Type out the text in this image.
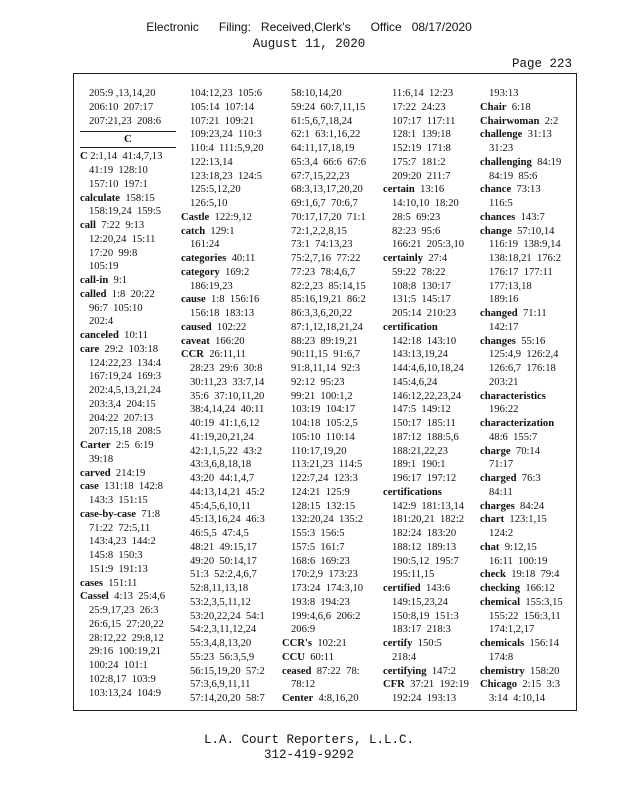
Electronic      Filing:   Received,Clerk's      Office   08/17/2020
August 11, 2020
Page 223
205:9 ,13,14,20
206:10  207:17
207:21,23  208:6
C
C 2:1,14  41:4,7,13
41:19  128:10
157:10  197:1
calculate  158:15
158:19,24  159:5
call  7:22  9:13
12:20,24  15:11
17:20  99:8
105:19
call-in  9:1
called  1:8  20:22
96:7  105:10
202:4
canceled  10:11
care  29:2  103:18
124:22,23  134:4
167:19,24  169:3
202:4,5,13,21,24
203:3,4  204:15
204:22  207:13
207:15,18  208:5
Carter  2:5  6:19
39:18
carved  214:19
case  131:18  142:8
143:3  151:15
case-by-case  71:8
71:22  72:5,11
143:4,23  144:2
145:8  150:3
151:9  191:13
cases  151:11
Cassel  4:13  25:4,6
25:9,17,23  26:3
26:6,15  27:20,22
28:12,22  29:8,12
29:16  100:19,21
100:24  101:1
102:8,17  103:9
103:13,24  104:9
104:12,23  105:6
105:14  107:14
107:21  109:21
109:23,24  110:3
110:4  111:5,9,20
122:13,14
123:18,23  124:5
125:5,12,20
126:5,10
Castle  122:9,12
catch  129:1
161:24
categories  40:11
category  169:2
186:19,23
cause  1:8  156:16
156:18  183:13
caused  102:22
caveat  166:20
CCR  26:11,11
28:23  29:6  30:8
30:11,23  33:7,14
35:6  37:10,11,20
38:4,14,24  40:11
40:19  41:1,6,12
41:19,20,21,24
42:1,1,5,22  43:2
43:3,6,8,18,18
43:20  44:1,4,7
44:13,14,21  45:2
45:4,5,6,10,11
45:13,16,24  46:3
46:5,5  47:4,5
48:21  49:15,17
49:20  50:14,17
51:3  52:2,4,6,7
52:8,11,13,18
53:2,3,5,11,12
53:20,22,24  54:1
54:2,3,11,12,24
55:3,4,8,13,20
55:23  56:3,5,9
56:15,19,20  57:2
57:3,6,9,11,11
57:14,20,20  58:7
58:10,14,20
59:24  60:7,11,15
61:5,6,7,18,24
62:1  63:1,16,22
64:11,17,18,19
65:3,4  66:6  67:6
67:7,15,22,23
68:3,13,17,20,20
69:1,6,7  70:6,7
70:17,17,20  71:1
72:1,2,2,8,15
73:1  74:13,23
75:2,7,16  77:22
77:23  78:4,6,7
82:2,23  85:14,15
85:16,19,21  86:2
86:3,3,6,20,22
87:1,12,18,21,24
88:23  89:19,21
90:11,15  91:6,7
91:8,11,14  92:3
92:12  95:23
99:21  100:1,2
103:19  104:17
104:18  105:2,5
105:10  110:14
110:17,19,20
113:21,23  114:5
122:7,24  123:3
124:21  125:9
128:15  132:15
132:20,24  135:2
155:3  156:5
157:5  161:7
168:6  169:23
170:2,9  173:23
173:24  174:3,10
193:8  194:23
199:4,6,6  206:2
206:9
CCR's  102:21
CCU  60:11
ceased  87:22  78:
78:12
Center  4:8,16,20
11:6,14  12:23
17:22  24:23
107:17  117:11
128:1  139:18
152:19  171:8
175:7  181:2
209:20  211:7
certain  13:16
14:10,10  18:20
28:5  69:23
82:23  95:6
166:21  205:3,10
certainly  27:4
59:22  78:22
108:8  130:17
131:5  145:17
205:14  210:23
certification
142:18  143:10
143:13,19,24
144:4,6,10,18,24
145:4,6,24
146:12,22,23,24
147:5  149:12
150:17  185:11
187:12  188:5,6
188:21,22,23
189:1  190:1
196:17  197:12
certifications
142:9  181:13,14
181:20,21  182:2
182:24  183:20
188:12  189:13
190:5,12  195:7
195:11,15
certified  143:6
149:15,23,24
150:8,19  151:3
183:17  218:3
certify  150:5
218:4
certifying  147:2
CFR  37:21  192:19
192:24  193:13
193:13
Chair  6:18
Chairwoman  2:2
challenge  31:13
31:23
challenging  84:19
84:19  85:6
chance  73:13
116:5
chances  143:7
change  57:10,14
116:19  138:9,14
138:18,21  176:2
176:17  177:11
177:13,18
189:16
changed  71:11
142:17
changes  55:16
125:4,9  126:2,4
126:6,7  176:18
203:21
characteristics
196:22
characterization
48:6  155:7
charge  70:14
71:17
charged  76:3
84:11
charges  84:24
chart  123:1,15
124:2
chat  9:12,15
16:11  100:19
check  19:18  79:4
checking  166:12
chemical  155:3,15
155:22  156:3,11
174:1,2,17
chemicals  156:14
174:8
chemistry  158:20
Chicago  2:15  3:3
3:14  4:10,14
L.A. Court Reporters, L.L.C.
312-419-9292
